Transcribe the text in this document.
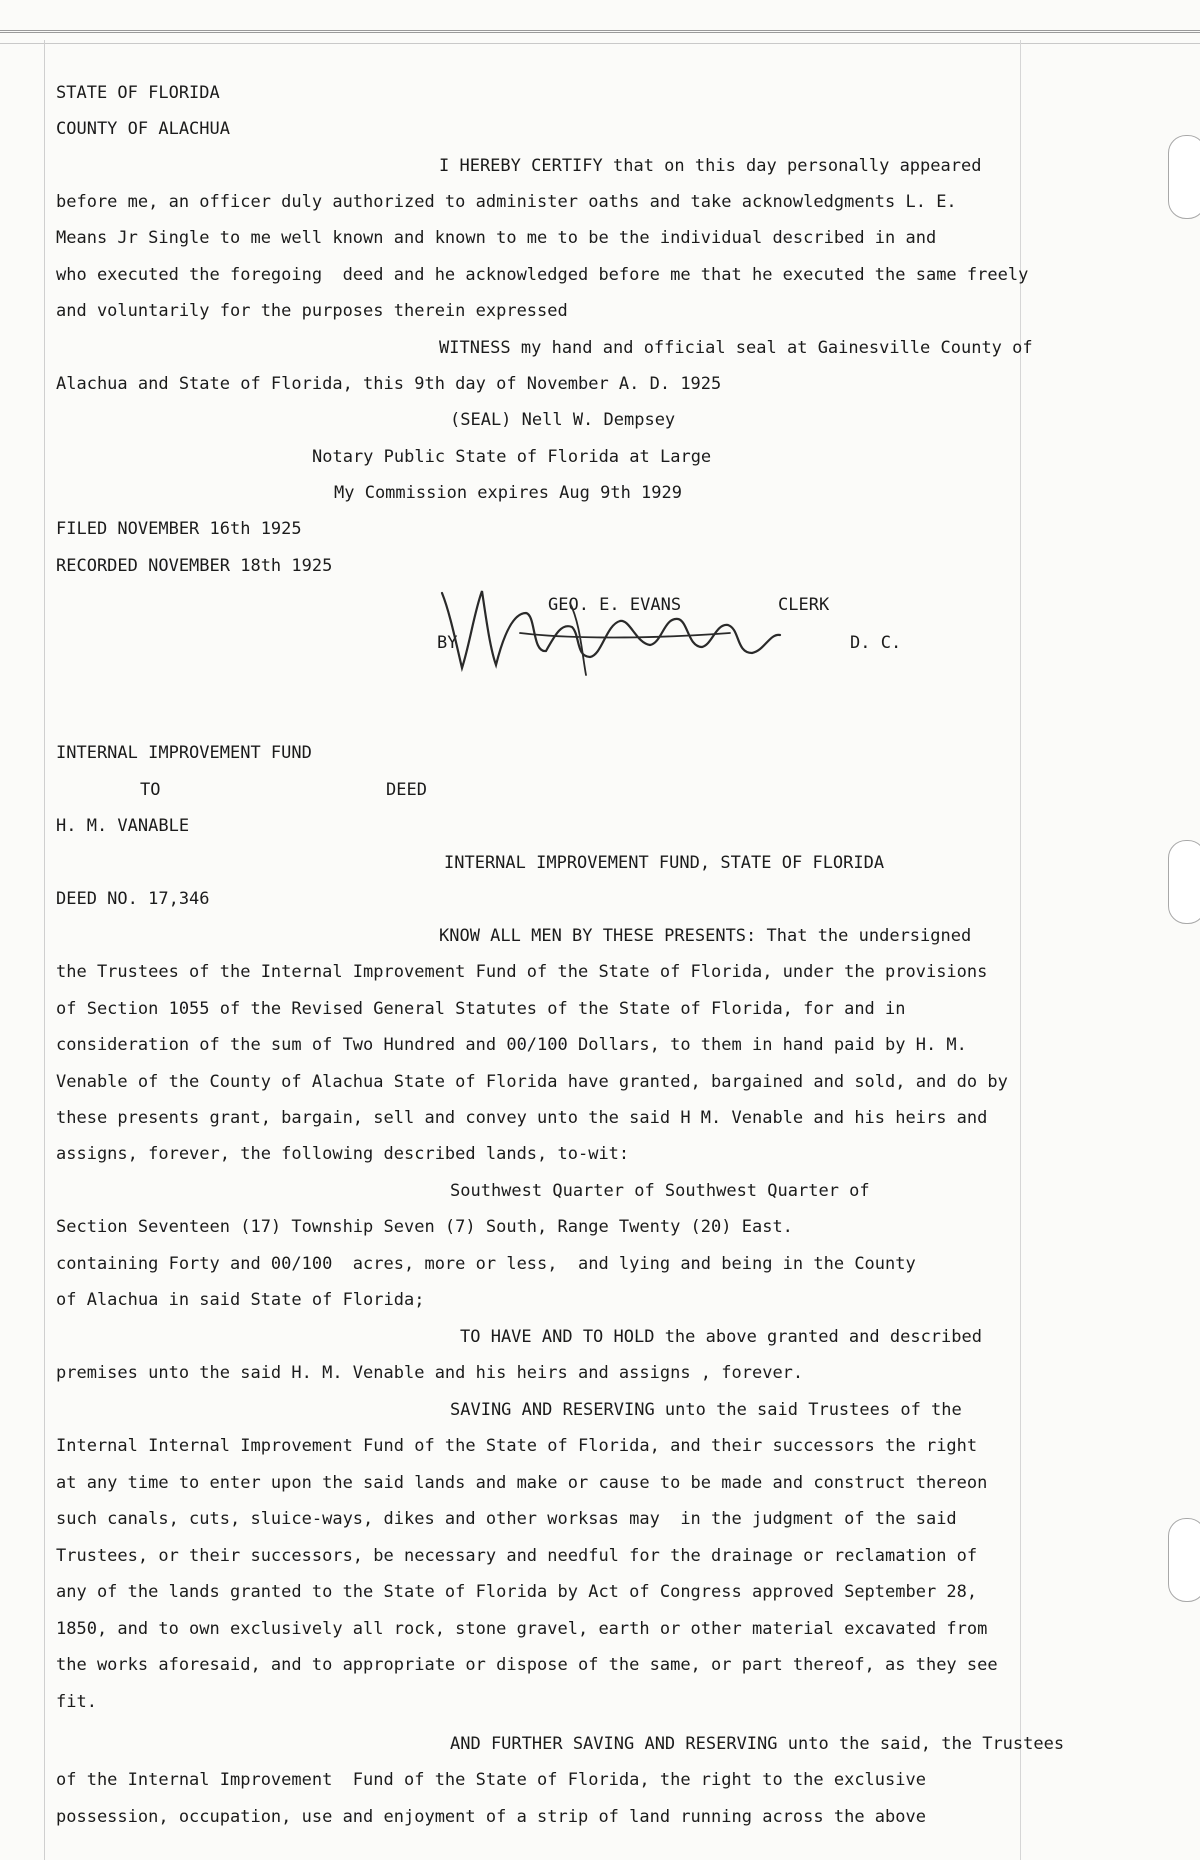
STATE OF FLORIDA
COUNTY OF ALACHUA
I HEREBY CERTIFY that on this day personally appeared
before me, an officer duly authorized to administer oaths and take acknowledgments L. E.
Means Jr Single to me well known and known to me to be the individual described in and
who executed the foregoing  deed and he acknowledged before me that he executed the same freely
and voluntarily for the purposes therein expressed
WITNESS my hand and official seal at Gainesville County of
Alachua and State of Florida, this 9th day of November A. D. 1925
(SEAL) Nell W. Dempsey
Notary Public State of Florida at Large
My Commission expires Aug 9th 1929
FILED NOVEMBER 16th 1925
RECORDED NOVEMBER 18th 1925
GEO. E. EVANS	CLERK
BY	D. C.
INTERNAL IMPROVEMENT FUND
TO	DEED
H. M. VANABLE
INTERNAL IMPROVEMENT FUND, STATE OF FLORIDA
DEED NO. 17,346
KNOW ALL MEN BY THESE PRESENTS: That the undersigned
the Trustees of the Internal Improvement Fund of the State of Florida, under the provisions
of Section 1055 of the Revised General Statutes of the State of Florida, for and in
consideration of the sum of Two Hundred and 00/100 Dollars, to them in hand paid by H. M.
Venable of the County of Alachua State of Florida have granted, bargained and sold, and do by
these presents grant, bargain, sell and convey unto the said H M. Venable and his heirs and
assigns, forever, the following described lands, to-wit:
Southwest Quarter of Southwest Quarter of
Section Seventeen (17) Township Seven (7) South, Range Twenty (20) East.
containing Forty and 00/100  acres, more or less,  and lying and being in the County
of Alachua in said State of Florida;
TO HAVE AND TO HOLD the above granted and described
premises unto the said H. M. Venable and his heirs and assigns , forever.
SAVING AND RESERVING unto the said Trustees of the
Internal Internal Improvement Fund of the State of Florida, and their successors the right
at any time to enter upon the said lands and make or cause to be made and construct thereon
such canals, cuts, sluice-ways, dikes and other worksas may  in the judgment of the said
Trustees, or their successors, be necessary and needful for the drainage or reclamation of
any of the lands granted to the State of Florida by Act of Congress approved September 28,
1850, and to own exclusively all rock, stone gravel, earth or other material excavated from
the works aforesaid, and to appropriate or dispose of the same, or part thereof, as they see
fit.
AND FURTHER SAVING AND RESERVING unto the said, the Trustees
of the Internal Improvement  Fund of the State of Florida, the right to the exclusive
possession, occupation, use and enjoyment of a strip of land running across the above
